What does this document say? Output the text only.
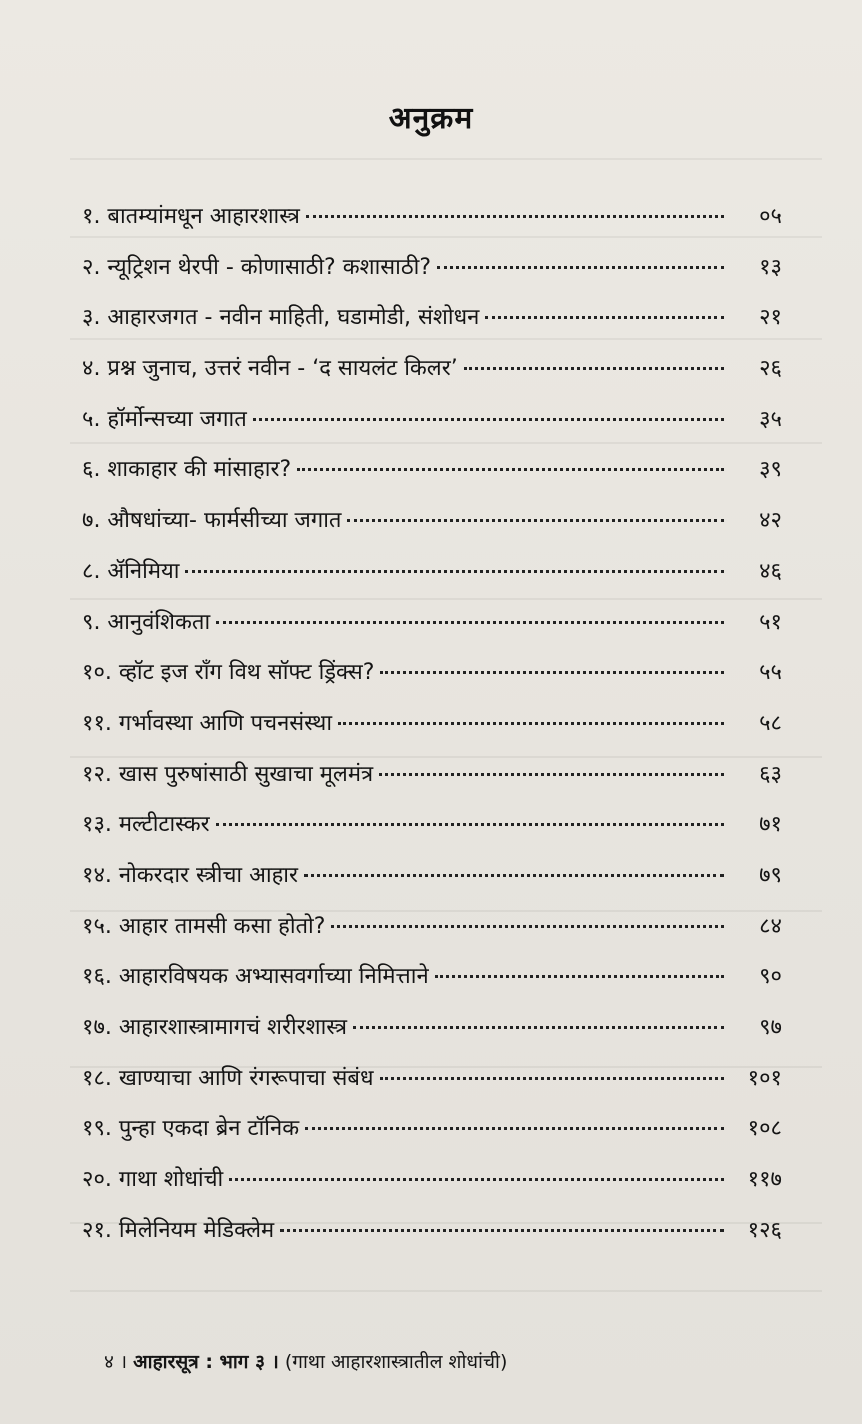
अनुक्रम
१. बातम्यांमधून आहारशास्त्र	०५
२. न्यूट्रिशन थेरपी - कोणासाठी? कशासाठी?	१३
३. आहारजगत - नवीन माहिती, घडामोडी, संशोधन	२१
४. प्रश्न जुनाच, उत्तरं नवीन - ‘द सायलंट किलर’	२६
५. हॉर्मोन्सच्या जगात	३५
६. शाकाहार की मांसाहार?	३९
७. औषधांच्या- फार्मसीच्या जगात	४२
८. ॲनिमिया	४६
९. आनुवंशिकता	५१
१०. व्हॉट इज रॉंग विथ सॉफ्ट ड्रिंक्स?	५५
११. गर्भावस्था आणि पचनसंस्था	५८
१२. खास पुरुषांसाठी सुखाचा मूलमंत्र	६३
१३. मल्टीटास्कर	७१
१४. नोकरदार स्त्रीचा आहार	७९
१५. आहार तामसी कसा होतो?	८४
१६. आहारविषयक अभ्यासवर्गाच्या निमित्ताने	९०
१७. आहारशास्त्रामागचं शरीरशास्त्र	९७
१८. खाण्याचा आणि रंगरूपाचा संबंध	१०१
१९. पुन्हा एकदा ब्रेन टॉनिक	१०८
२०. गाथा शोधांची	११७
२१. मिलेनियम मेडिक्लेम	१२६
४ । आहारसूत्र : भाग ३ । (गाथा आहारशास्त्रातील शोधांची)
